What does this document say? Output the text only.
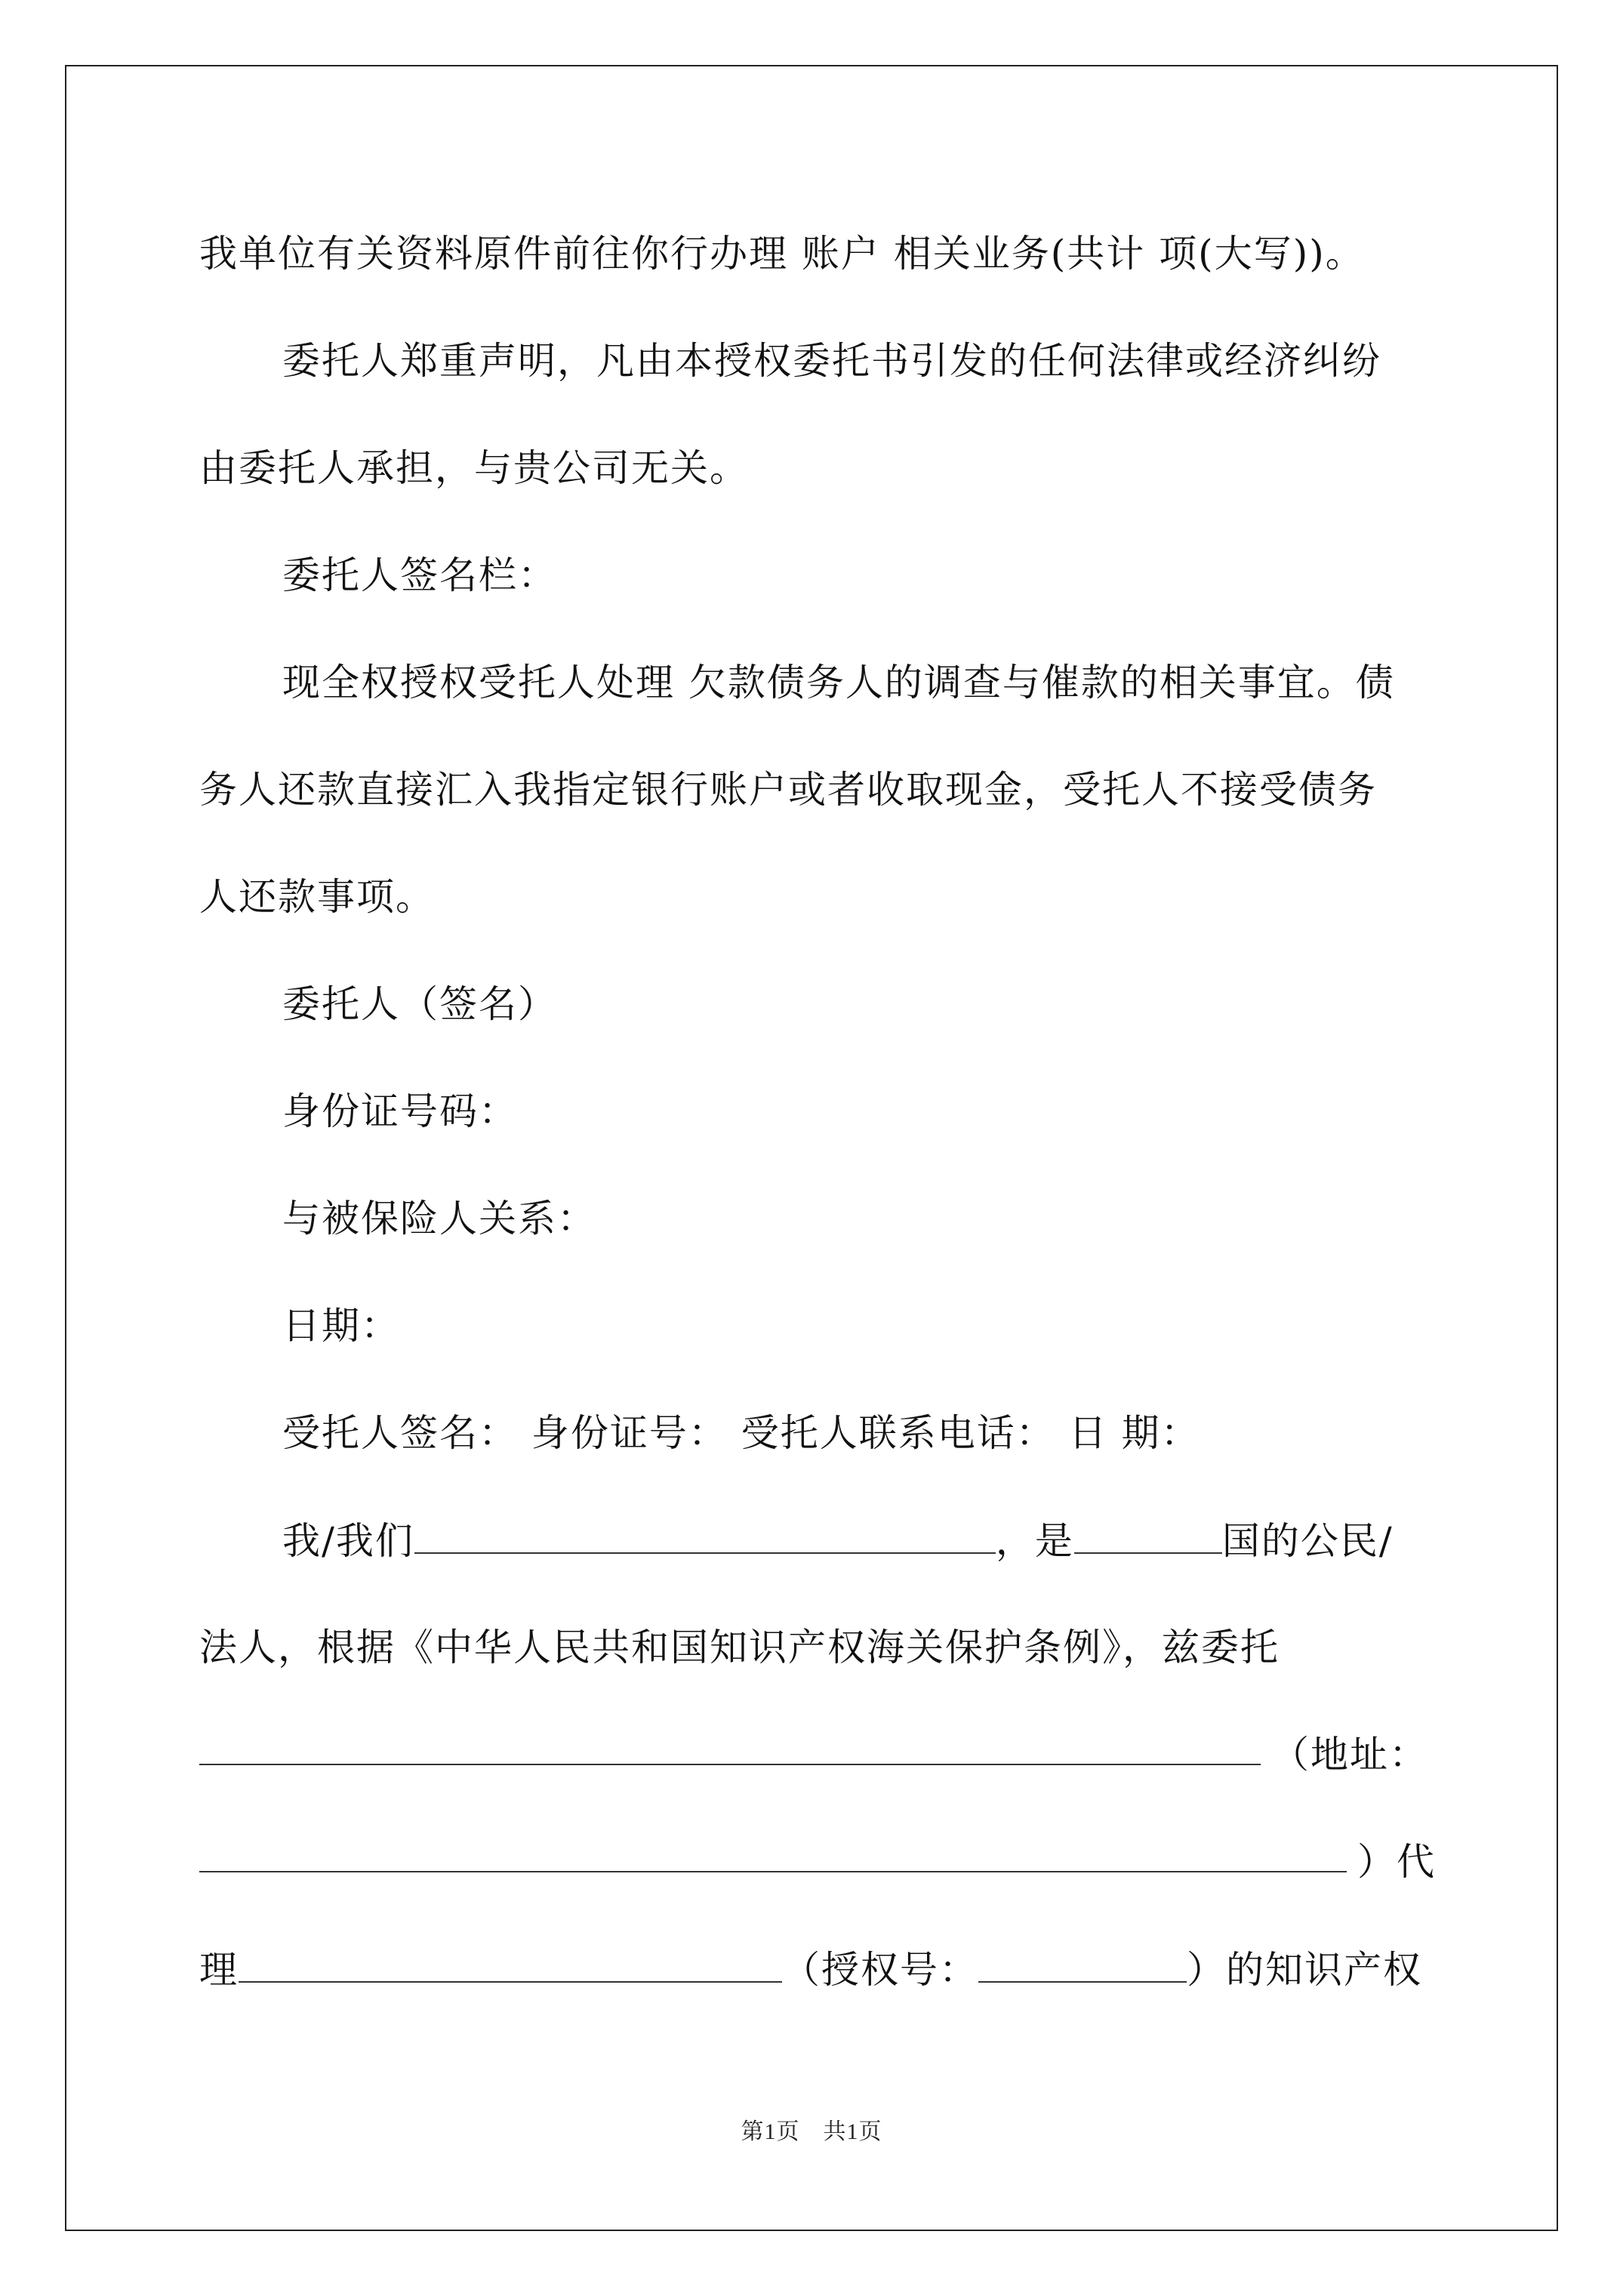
我单位有关资料原件前往你行办理 账户 相关业务(共计 项(大写))。
委托人郑重声明，凡由本授权委托书引发的任何法律或经济纠纷
由委托人承担，与贵公司无关。
委托人签名栏：
现全权授权受托人处理 欠款债务人的调查与催款的相关事宜。债
务人还款直接汇入我指定银行账户或者收取现金，受托人不接受债务
人还款事项。
委托人（签名）
身份证号码：
与被保险人关系：
日期：
受托人签名： 身份证号： 受托人联系电话： 日 期：
我/我们	，是	国的公民/
法人，根据《中华人民共和国知识产权海关保护条例》，兹委托
（地址：
）代
理	（授权号：	）的知识产权
第1页　共1页
